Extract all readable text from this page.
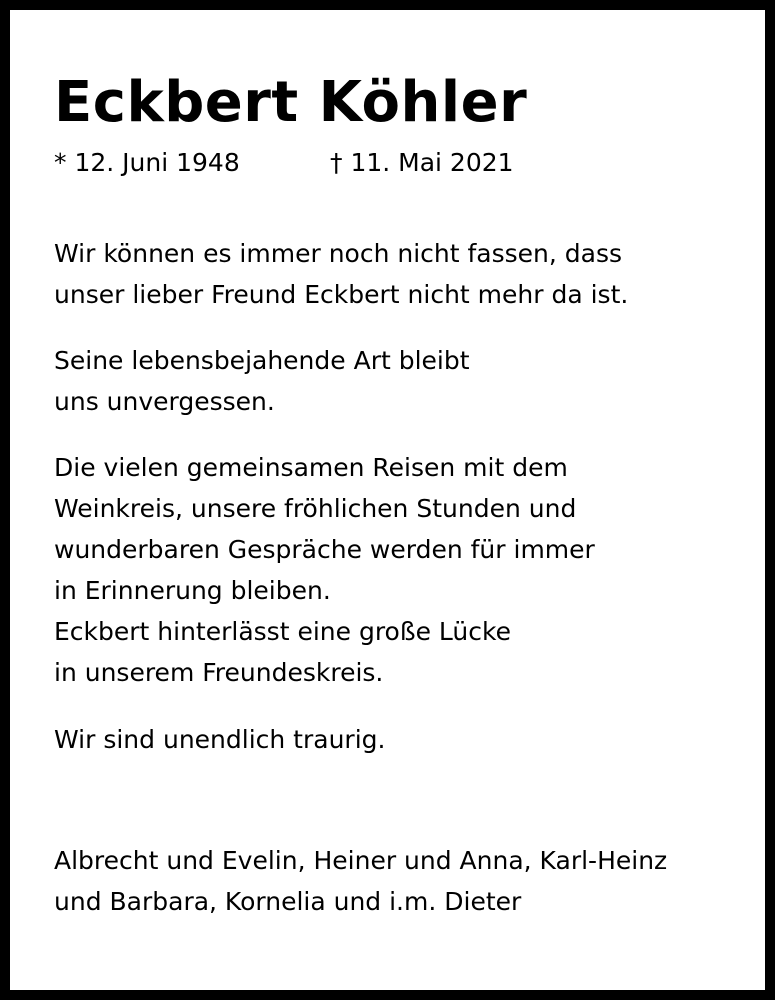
Eckbert Köhler
* 12. Juni 1948	† 11. Mai 2021

Wir können es immer noch nicht fassen, dass
unser lieber Freund Eckbert nicht mehr da ist.

Seine lebensbejahende Art bleibt
uns unvergessen.

Die vielen gemeinsamen Reisen mit dem
Weinkreis, unsere fröhlichen Stunden und
wunderbaren Gespräche werden für immer
in Erinnerung bleiben.
Eckbert hinterlässt eine große Lücke
in unserem Freundeskreis.

Wir sind unendlich traurig.

Albrecht und Evelin, Heiner und Anna, Karl-Heinz
und Barbara, Kornelia und i.m. Dieter
